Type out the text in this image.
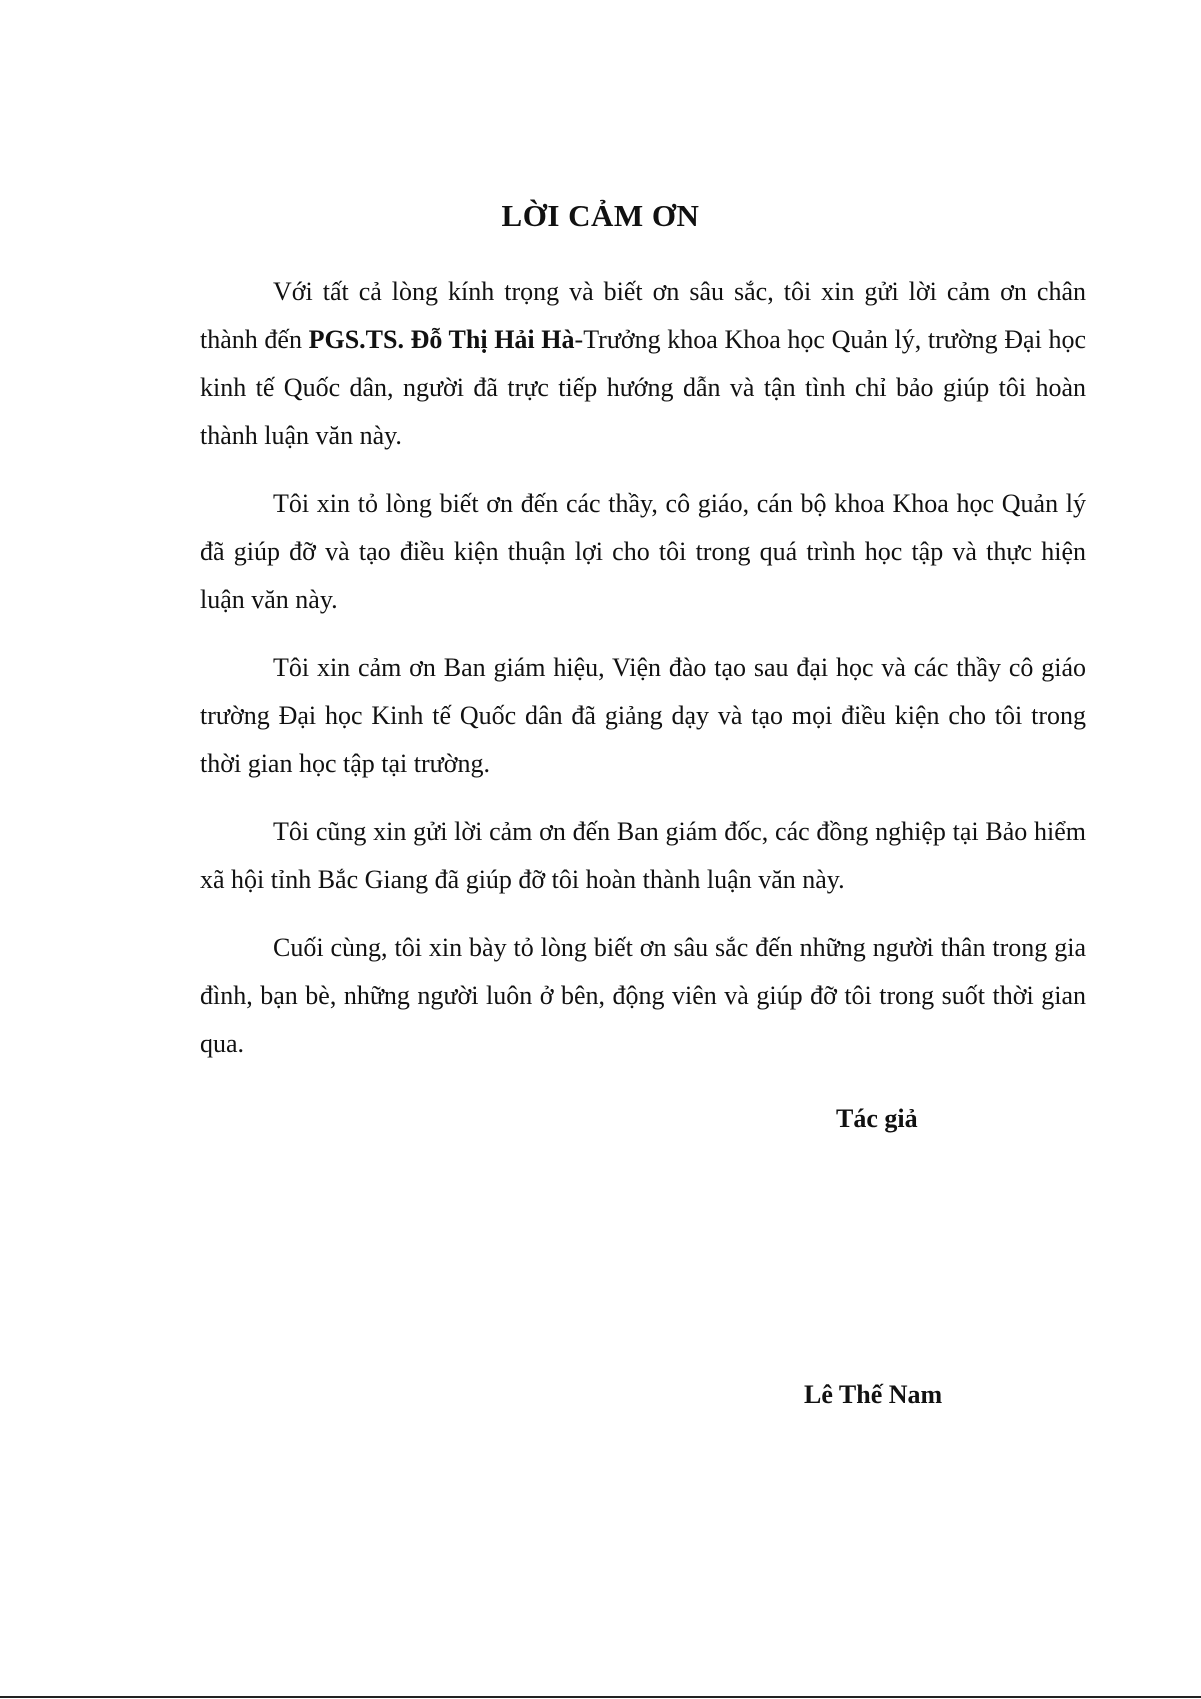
LỜI CẢM ƠN

Với tất cả lòng kính trọng và biết ơn sâu sắc, tôi xin gửi lời cảm ơn chân thành đến PGS.TS. Đỗ Thị Hải Hà-Trưởng khoa Khoa học Quản lý, trường Đại học kinh tế Quốc dân, người đã trực tiếp hướng dẫn và tận tình chỉ bảo giúp tôi hoàn thành luận văn này.

Tôi xin tỏ lòng biết ơn đến các thầy, cô giáo, cán bộ khoa Khoa học Quản lý đã giúp đỡ và tạo điều kiện thuận lợi cho tôi trong quá trình học tập và thực hiện luận văn này.

Tôi xin cảm ơn Ban giám hiệu, Viện đào tạo sau đại học và các thầy cô giáo trường Đại học Kinh tế Quốc dân đã giảng dạy và tạo mọi điều kiện cho tôi trong thời gian học tập tại trường.

Tôi cũng xin gửi lời cảm ơn đến Ban giám đốc, các đồng nghiệp tại Bảo hiểm xã hội tỉnh Bắc Giang đã giúp đỡ tôi hoàn thành luận văn này.

Cuối cùng, tôi xin bày tỏ lòng biết ơn sâu sắc đến những người thân trong gia đình, bạn bè, những người luôn ở bên, động viên và giúp đỡ tôi trong suốt thời gian qua.

Tác giả
Lê Thế Nam
